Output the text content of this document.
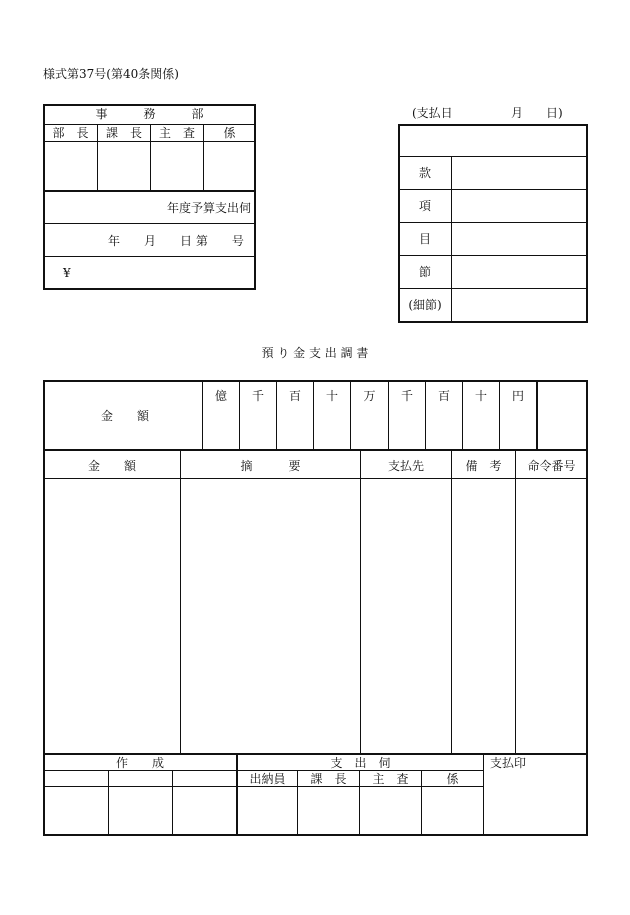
様式第37号(第40条関係)
事　　　務　　　部
部　長	課　長	主　査	係
年度予算支出伺
年　　月　　日 第　　号
¥
(支払日	月 日)
款
項
目
節
(細節)
預 り 金 支 出 調 書
金　　額
億	千	百	十	万	千	百	十	円
金　　額	摘　　　要	支払先	備　考	命令番号
作　　成	支　出　伺	支払印
出納員	課　長	主　査	係
